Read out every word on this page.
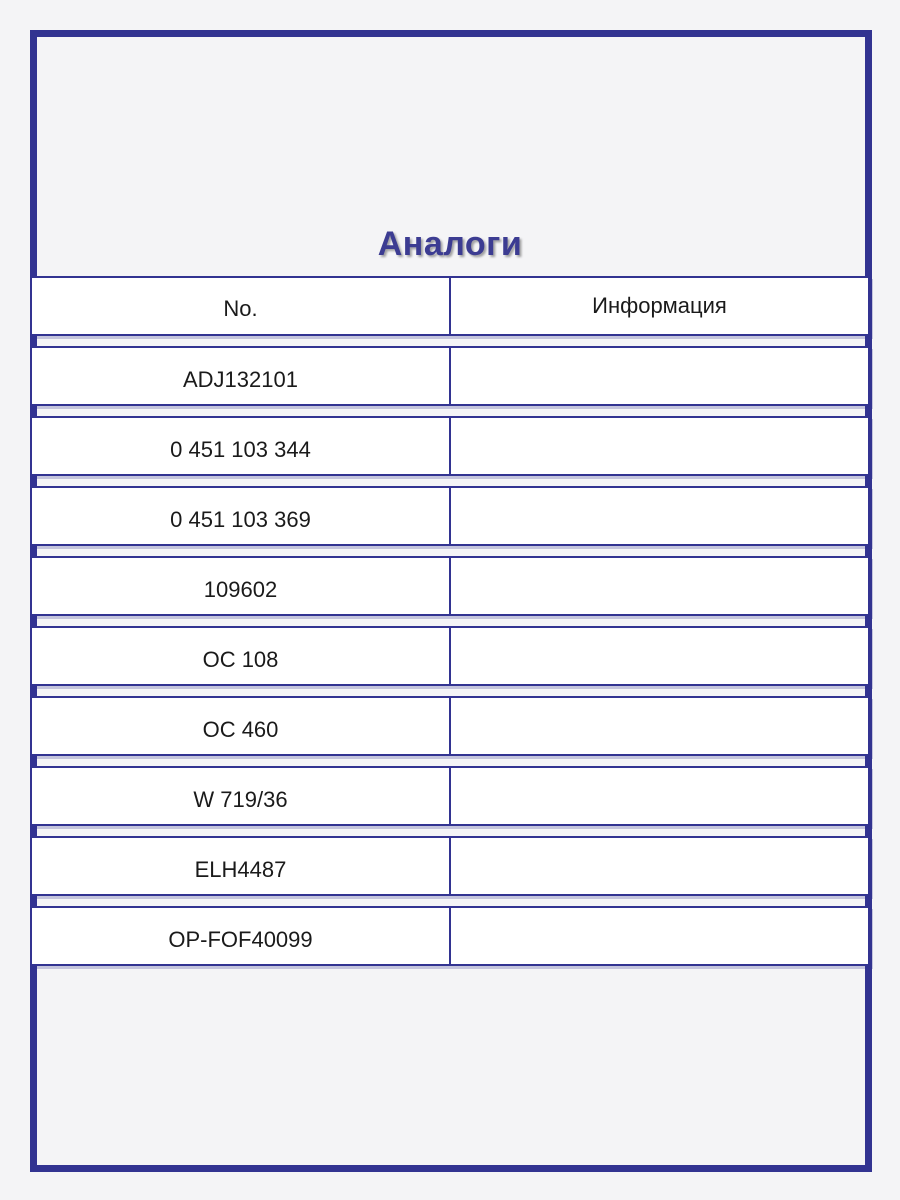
Аналоги
No.	Информация
ADJ132101
0 451 103 344
0 451 103 369
109602
OC 108
OC 460
W 719/36
ELH4487
OP-FOF40099
